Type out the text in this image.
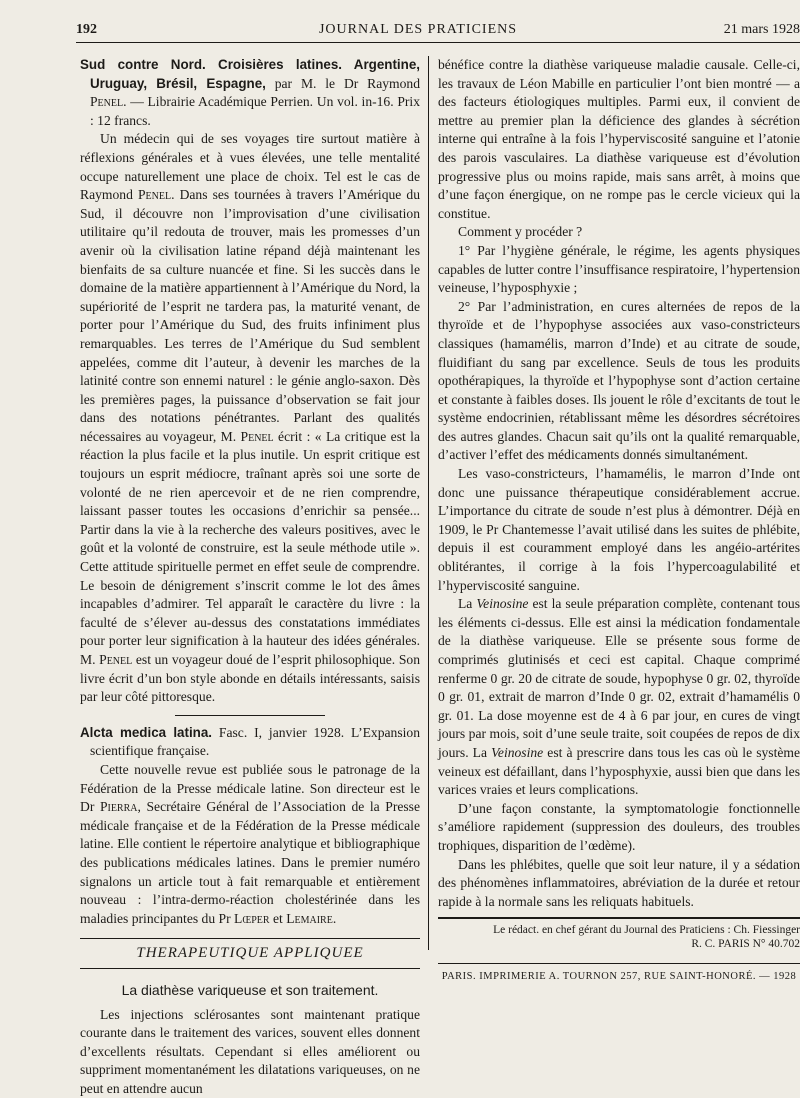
192	JOURNAL DES PRATICIENS	21 mars 1928

Sud contre Nord. Croisières latines. Argentine, Uruguay, Brésil, Espagne, par M. le Dr Raymond Penel. — Librairie Académique Perrien. Un vol. in-16. Prix : 12 francs.

Un médecin qui de ses voyages tire surtout matière à réflexions générales et à vues élevées, une telle mentalité occupe naturellement une place de choix. Tel est le cas de Raymond Penel. Dans ses tournées à travers l’Amérique du Sud, il découvre non l’improvisation d’une civilisation utilitaire qu’il redouta de trouver, mais les promesses d’un avenir où la civilisation latine répand déjà maintenant les bienfaits de sa culture nuancée et fine. Si les succès dans le domaine de la matière appartiennent à l’Amérique du Nord, la supériorité de l’esprit ne tardera pas, la maturité venant, de porter pour l’Amérique du Sud, des fruits infiniment plus remarquables. Les terres de l’Amérique du Sud semblent appelées, comme dit l’auteur, à devenir les marches de la latinité contre son ennemi naturel : le génie anglo-saxon. Dès les premières pages, la puissance d’observation se fait jour dans des notations pénétrantes. Parlant des qualités nécessaires au voyageur, M. Penel écrit : « La critique est la réaction la plus facile et la plus inutile. Un esprit critique est toujours un esprit médiocre, traînant après soi une sorte de volonté de ne rien apercevoir et de ne rien comprendre, laissant passer toutes les occasions d’enrichir sa pensée... Partir dans la vie à la recherche des valeurs positives, avec le goût et la volonté de construire, est la seule méthode utile ». Cette attitude spirituelle permet en effet seule de comprendre. Le besoin de dénigrement s’inscrit comme le lot des âmes incapables d’admirer. Tel apparaît le caractère du livre : la faculté de s’élever au-dessus des constatations immédiates pour porter leur signification à la hauteur des idées générales. M. Penel est un voyageur doué de l’esprit philosophique. Son livre écrit d’un bon style abonde en détails intéressants, saisis par leur côté pittoresque.

Alcta medica latina. Fasc. I, janvier 1928. L’Expansion scientifique française.

Cette nouvelle revue est publiée sous le patronage de la Fédération de la Presse médicale latine. Son directeur est le Dr Pierra, Secrétaire Général de l’Association de la Presse médicale française et de la Fédération de la Presse médicale latine. Elle contient le répertoire analytique et bibliographique des publications médicales latines. Dans le premier numéro signalons un article tout à fait remarquable et entièrement nouveau : l’intra-dermo-réaction cholestérinée dans les maladies principantes du Pr Lœper et Lemaire.

THERAPEUTIQUE APPLIQUEE
La diathèse variqueuse et son traitement.

Les injections sclérosantes sont maintenant pratique courante dans le traitement des varices, souvent elles donnent d’excellents résultats. Cependant si elles améliorent ou suppriment momentanément les dilatations variqueuses, on ne peut en attendre aucun

bénéfice contre la diathèse variqueuse maladie causale. Celle-ci, les travaux de Léon Mabille en particulier l’ont bien montré — a des facteurs étiologiques multiples. Parmi eux, il convient de mettre au premier plan la déficience des glandes à sécrétion interne qui entraîne à la fois l’hyperviscosité sanguine et l’atonie des parois vasculaires. La diathèse variqueuse est d’évolution progressive plus ou moins rapide, mais sans arrêt, à moins que d’une façon énergique, on ne rompe pas le cercle vicieux qui la constitue.

Comment y procéder ?

1° Par l’hygiène générale, le régime, les agents physiques capables de lutter contre l’insuffisance respiratoire, l’hypertension veineuse, l’hyposphyxie ;

2° Par l’administration, en cures alternées de repos de la thyroïde et de l’hypophyse associées aux vaso-constricteurs classiques (hamamélis, marron d’Inde) et au citrate de soude, fluidifiant du sang par excellence. Seuls de tous les produits opothérapiques, la thyroïde et l’hypophyse sont d’action certaine et constante à faibles doses. Ils jouent le rôle d’excitants de tout le système endocrinien, rétablissant même les désordres sécrétoires des autres glandes. Chacun sait qu’ils ont la qualité remarquable, d’activer l’effet des médicaments donnés simultanément.

Les vaso-constricteurs, l’hamamélis, le marron d’Inde ont donc une puissance thérapeutique considérablement accrue. L’importance du citrate de soude n’est plus à démontrer. Déjà en 1909, le Pr Chantemesse l’avait utilisé dans les suites de phlébite, depuis il est couramment employé dans les angéio-artérites oblitérantes, il corrige à la fois l’hypercoagulabilité et l’hyperviscosité sanguine.

La Veinosine est la seule préparation complète, contenant tous les éléments ci-dessus. Elle est ainsi la médication fondamentale de la diathèse variqueuse. Elle se présente sous forme de comprimés glutinisés et ceci est capital. Chaque comprimé renferme 0 gr. 20 de citrate de soude, hypophyse 0 gr. 02, thyroïde 0 gr. 01, extrait de marron d’Inde 0 gr. 02, extrait d’hamamélis 0 gr. 01. La dose moyenne est de 4 à 6 par jour, en cures de vingt jours par mois, soit d’une seule traite, soit coupées de repos de dix jours. La Veinosine est à prescrire dans tous les cas où le système veineux est défaillant, dans l’hyposphyxie, aussi bien que dans les varices vraies et leurs complications.

D’une façon constante, la symptomatologie fonctionnelle s’améliore rapidement (suppression des douleurs, des troubles trophiques, disparition de l’œdème).

Dans les phlébites, quelle que soit leur nature, il y a sédation des phénomènes inflammatoires, abréviation de la durée et retour rapide à la normale sans les reliquats habituels.

Le rédact. en chef gérant du Journal des Praticiens : Ch. Fiessinger
R. C. PARIS N° 40.702
PARIS. IMPRIMERIE A. TOURNON 257, RUE SAINT-HONORÉ. — 1928
